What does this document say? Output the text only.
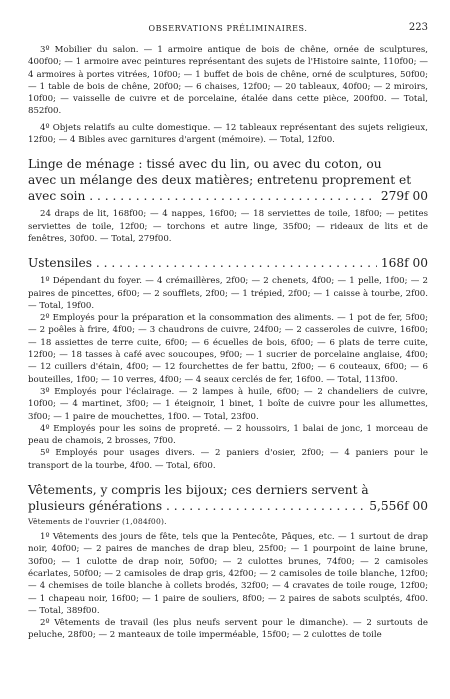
OBSERVATIONS PRÉLIMINAIRES.	223

3º Mobilier du salon. — 1 armoire antique de bois de chêne, ornée de sculptures, 400f00; — 1 armoire avec peintures représentant des sujets de l'Histoire sainte, 110f00; — 4 armoires à portes vitrées, 10f00; — 1 buffet de bois de chêne, orné de sculptures, 50f00; — 1 table de bois de chêne, 20f00; — 6 chaises, 12f00; — 20 tableaux, 40f00; — 2 miroirs, 10f00; — vaisselle de cuivre et de porcelaine, étalée dans cette pièce, 200f00. — Total, 852f00.

4º Objets relatifs au culte domestique. — 12 tableaux représentant des sujets religieux, 12f00; — 4 Bibles avec garnitures d'argent (mémoire). — Total, 12f00.

Linge de ménage : tissé avec du lin, ou avec du coton, ou

avec un mélange des deux matières; entretenu proprement et

avec soin . . .	279f 00

24 draps de lit, 168f00; — 4 nappes, 16f00; — 18 serviettes de toile, 18f00; — petites serviettes de toile, 12f00; — torchons et autre linge, 35f00; — rideaux de lits et de fenêtres, 30f00. — Total, 279f00.

Ustensiles . . .	168f 00

1º Dépendant du foyer. — 4 crémaillères, 2f00; — 2 chenets, 4f00; — 1 pelle, 1f00; — 2 paires de pincettes, 6f00; — 2 soufflets, 2f00; — 1 trépied, 2f00; — 1 caisse à tourbe, 2f00. — Total, 19f00.

2º Employés pour la préparation et la consommation des aliments. — 1 pot de fer, 5f00; — 2 poêles à frire, 4f00; — 3 chaudrons de cuivre, 24f00; — 2 casseroles de cuivre, 16f00; — 18 assiettes de terre cuite, 6f00; — 6 écuelles de bois, 6f00; — 6 plats de terre cuite, 12f00; — 18 tasses à café avec soucoupes, 9f00; — 1 sucrier de porcelaine anglaise, 4f00; — 12 cuillers d'étain, 4f00; — 12 fourchettes de fer battu, 2f00; — 6 couteaux, 6f00; — 6 bouteilles, 1f00; — 10 verres, 4f00; — 4 seaux cerclés de fer, 16f00. — Total, 113f00.

3º Employés pour l'éclairage. — 2 lampes à huile, 6f00; — 2 chandeliers de cuivre, 10f00; — 4 martinet, 3f00; — 1 éteignoir, 1 binet, 1 boîte de cuivre pour les allumettes, 3f00; — 1 paire de mouchettes, 1f00. — Total, 23f00.

4º Employés pour les soins de propreté. — 2 houssoirs, 1 balai de jonc, 1 morceau de peau de chamois, 2 brosses, 7f00.

5º Employés pour usages divers. — 2 paniers d'osier, 2f00; — 4 paniers pour le transport de la tourbe, 4f00. — Total, 6f00.

Vêtements, y compris les bijoux; ces derniers servent à

plusieurs générations . . .	5,556f 00

Vêtements de l'ouvrier (1,084f00).

1º Vêtements des jours de fête, tels que la Pentecôte, Pâques, etc. — 1 surtout de drap noir, 40f00; — 2 paires de manches de drap bleu, 25f00; — 1 pourpoint de laine brune, 30f00; — 1 culotte de drap noir, 50f00; — 2 culottes brunes, 74f00; — 2 camisoles écarlates, 50f00; — 2 camisoles de drap gris, 42f00; — 2 camisoles de toile blanche, 12f00; — 4 chemises de toile blanche à collets brodés, 32f00; — 4 cravates de toile rouge, 12f00; — 1 chapeau noir, 16f00; — 1 paire de souliers, 8f00; — 2 paires de sabots sculptés, 4f00. — Total, 389f00.

2º Vêtements de travail (les plus neufs servent pour le dimanche). — 2 surtouts de peluche, 28f00; — 2 manteaux de toile imperméable, 15f00; — 2 culottes de toile
